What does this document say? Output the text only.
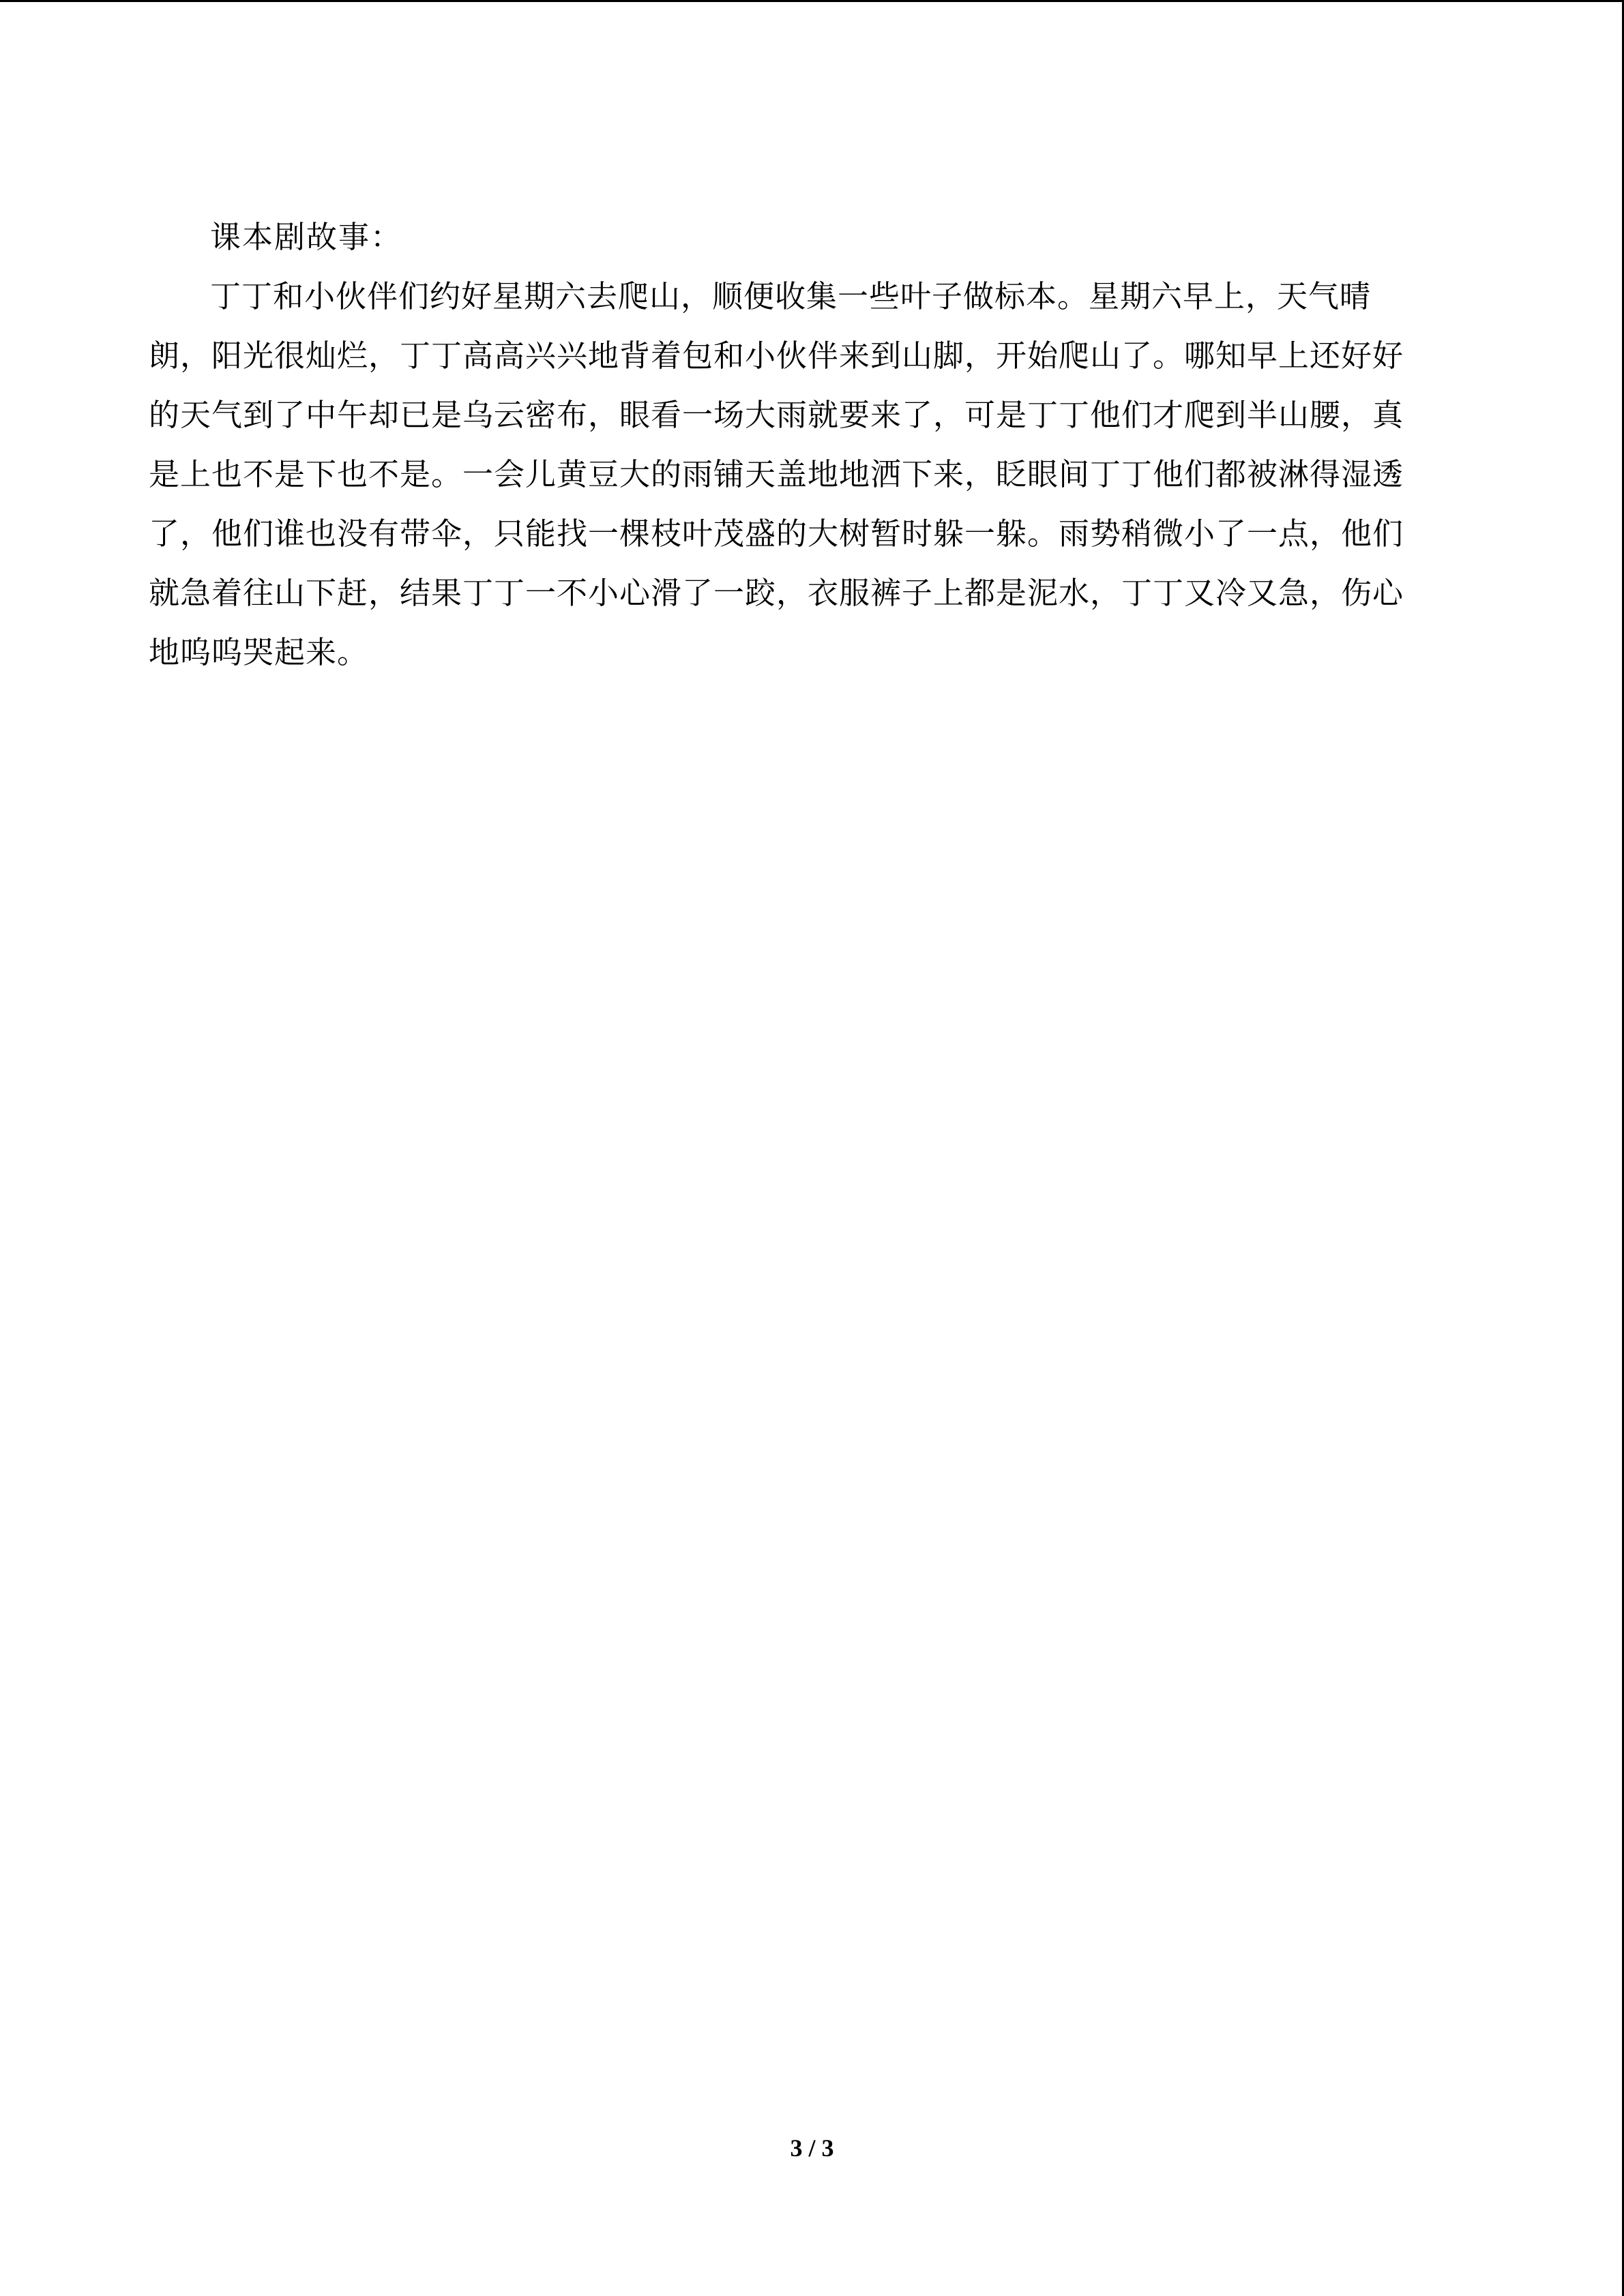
课本剧故事：
丁丁和小伙伴们约好星期六去爬山，顺便收集一些叶子做标本。星期六早上，天气晴
朗，阳光很灿烂，丁丁高高兴兴地背着包和小伙伴来到山脚，开始爬山了。哪知早上还好好
的天气到了中午却已是乌云密布，眼看一场大雨就要来了，可是丁丁他们才爬到半山腰，真
是上也不是下也不是。一会儿黄豆大的雨铺天盖地地洒下来，眨眼间丁丁他们都被淋得湿透
了，他们谁也没有带伞，只能找一棵枝叶茂盛的大树暂时躲一躲。雨势稍微小了一点，他们
就急着往山下赶，结果丁丁一不小心滑了一跤，衣服裤子上都是泥水，丁丁又冷又急，伤心
地呜呜哭起来。
3 / 3
